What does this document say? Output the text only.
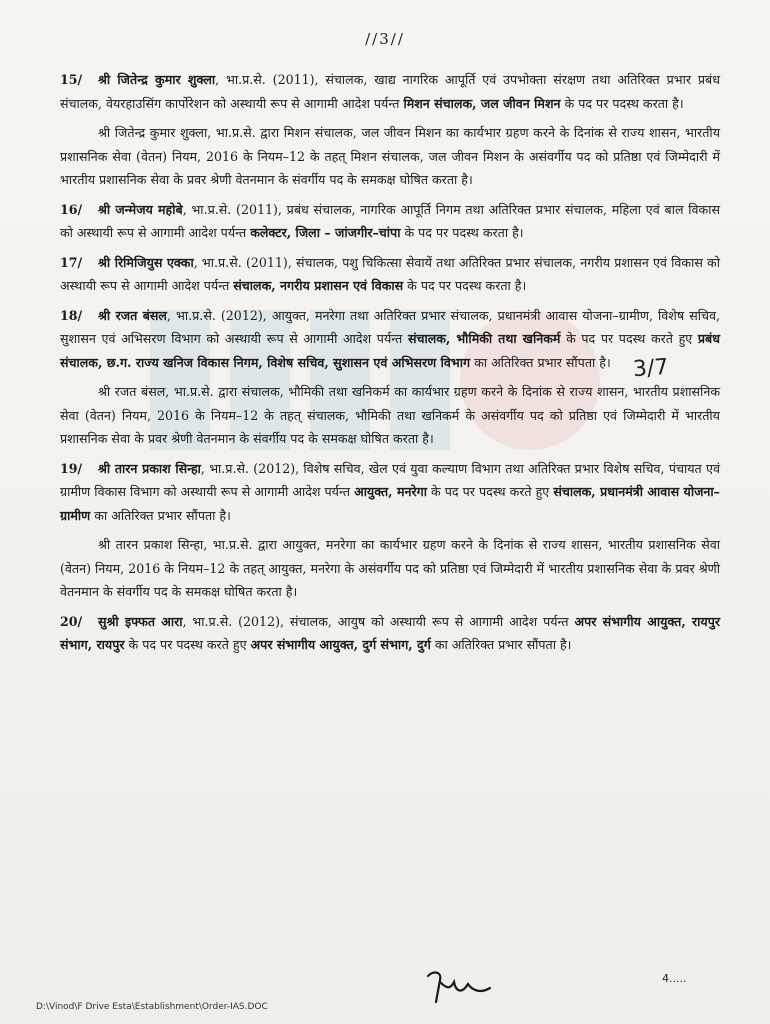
//3//

15/ श्री जितेन्द्र कुमार शुक्ला, भा.प्र.से. (2011), संचालक, खाद्य नागरिक आपूर्ति एवं उपभोक्ता संरक्षण तथा अतिरिक्त प्रभार प्रबंध संचालक, वेयरहाउसिंग कार्पोरेशन को अस्थायी रूप से आगामी आदेश पर्यन्त मिशन संचालक, जल जीवन मिशन के पद पर पदस्थ करता है।

श्री जितेन्द्र कुमार शुक्ला, भा.प्र.से. द्वारा मिशन संचालक, जल जीवन मिशन का कार्यभार ग्रहण करने के दिनांक से राज्य शासन, भारतीय प्रशासनिक सेवा (वेतन) नियम, 2016 के नियम–12 के तहत् मिशन संचालक, जल जीवन मिशन के असंवर्गीय पद को प्रतिष्ठा एवं जिम्मेदारी में भारतीय प्रशासनिक सेवा के प्रवर श्रेणी वेतनमान के संवर्गीय पद के समकक्ष घोषित करता है।

16/ श्री जन्मेजय महोबे, भा.प्र.से. (2011), प्रबंध संचालक, नागरिक आपूर्ति निगम तथा अतिरिक्त प्रभार संचालक, महिला एवं बाल विकास को अस्थायी रूप से आगामी आदेश पर्यन्त कलेक्टर, जिला – जांजगीर–चांपा के पद पर पदस्थ करता है।

17/ श्री रिमिजियुस एक्का, भा.प्र.से. (2011), संचालक, पशु चिकित्सा सेवायें तथा अतिरिक्त प्रभार संचालक, नगरीय प्रशासन एवं विकास को अस्थायी रूप से आगामी आदेश पर्यन्त संचालक, नगरीय प्रशासन एवं विकास के पद पर पदस्थ करता है।

18/ श्री रजत बंसल, भा.प्र.से. (2012), आयुक्त, मनरेगा तथा अतिरिक्त प्रभार संचालक, प्रधानमंत्री आवास योजना–ग्रामीण, विशेष सचिव, सुशासन एवं अभिसरण विभाग को अस्थायी रूप से आगामी आदेश पर्यन्त संचालक, भौमिकी तथा खनिकर्म के पद पर पदस्थ करते हुए प्रबंध संचालक, छ.ग. राज्य खनिज विकास निगम, विशेष सचिव, सुशासन एवं अभिसरण विभाग का अतिरिक्त प्रभार सौंपता है।

श्री रजत बंसल, भा.प्र.से. द्वारा संचालक, भौमिकी तथा खनिकर्म का कार्यभार ग्रहण करने के दिनांक से राज्य शासन, भारतीय प्रशासनिक सेवा (वेतन) नियम, 2016 के नियम–12 के तहत् संचालक, भौमिकी तथा खनिकर्म के असंवर्गीय पद को प्रतिष्ठा एवं जिम्मेदारी में भारतीय प्रशासनिक सेवा के प्रवर श्रेणी वेतनमान के संवर्गीय पद के समकक्ष घोषित करता है।

19/ श्री तारन प्रकाश सिन्हा, भा.प्र.से. (2012), विशेष सचिव, खेल एवं युवा कल्याण विभाग तथा अतिरिक्त प्रभार विशेष सचिव, पंचायत एवं ग्रामीण विकास विभाग को अस्थायी रूप से आगामी आदेश पर्यन्त आयुक्त, मनरेगा के पद पर पदस्थ करते हुए संचालक, प्रधानमंत्री आवास योजना–ग्रामीण का अतिरिक्त प्रभार सौंपता है।

श्री तारन प्रकाश सिन्हा, भा.प्र.से. द्वारा आयुक्त, मनरेगा का कार्यभार ग्रहण करने के दिनांक से राज्य शासन, भारतीय प्रशासनिक सेवा (वेतन) नियम, 2016 के नियम–12 के तहत् आयुक्त, मनरेगा के असंवर्गीय पद को प्रतिष्ठा एवं जिम्मेदारी में भारतीय प्रशासनिक सेवा के प्रवर श्रेणी वेतनमान के संवर्गीय पद के समकक्ष घोषित करता है।

20/ सुश्री इफ्फत आरा, भा.प्र.से. (2012), संचालक, आयुष को अस्थायी रूप से आगामी आदेश पर्यन्त अपर संभागीय आयुक्त, रायपुर संभाग, रायपुर के पद पर पदस्थ करते हुए अपर संभागीय आयुक्त, दुर्ग संभाग, दुर्ग का अतिरिक्त प्रभार सौंपता है।

3/7
4.....
D:\Vinod\F Drive Esta\Establishment\Order-IAS.DOC
